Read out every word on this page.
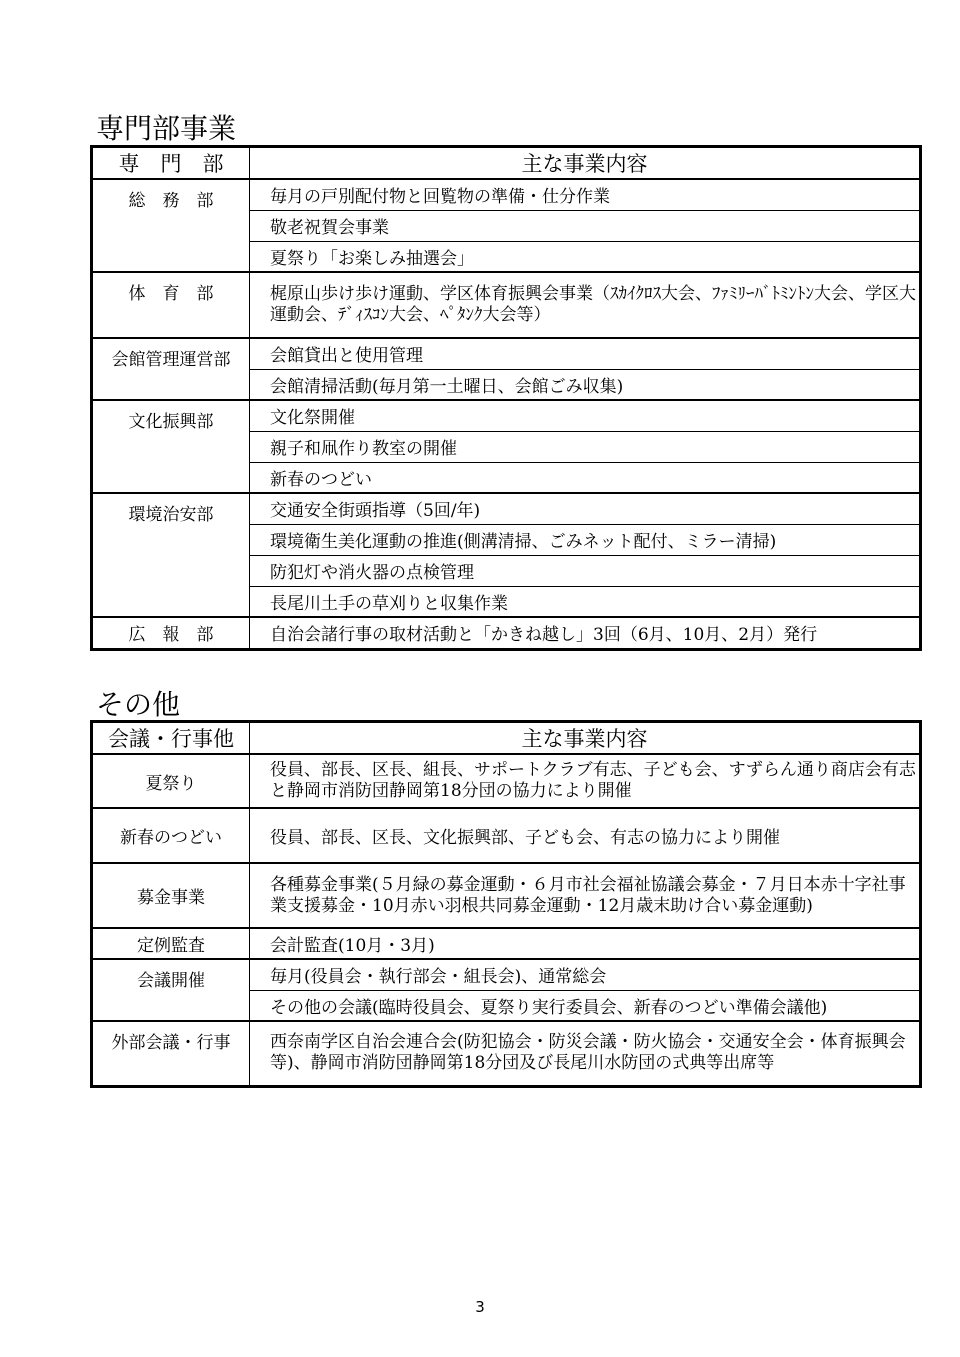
専門部事業
専　門　部	主な事業内容

総　務　部	毎月の戸別配付物と回覧物の準備・仕分作業
	敬老祝賀会事業
	夏祭り「お楽しみ抽選会」

体　育　部	梶原山歩け歩け運動、学区体育振興会事業（ｽｶｲｸﾛｽ大会、ﾌｧﾐﾘｰﾊﾞﾄﾐﾝﾄﾝ大会、学区大運動会、ﾃﾞｨｽｺﾝ大会、ﾍﾟﾀﾝｸ大会等）

会館管理運営部	会館貸出と使用管理
	会館清掃活動(毎月第一土曜日、会館ごみ収集)

文化振興部	文化祭開催
	親子和凧作り教室の開催
	新春のつどい

環境治安部	交通安全街頭指導（5回/年)
	環境衛生美化運動の推進(側溝清掃、ごみネット配付、ミラー清掃)
	防犯灯や消火器の点検管理
	長尾川土手の草刈りと収集作業
広　報　部	自治会諸行事の取材活動と「かきね越し」3回（6月、10月、2月）発行
その他
会議・行事他	主な事業内容
夏祭り	役員、部長、区長、組長、サポートクラブ有志、子ども会、すずらん通り商店会有志と静岡市消防団静岡第18分団の協力により開催
新春のつどい	役員、部長、区長、文化振興部、子ども会、有志の協力により開催
募金事業	各種募金事業(５月緑の募金運動・６月市社会福祉協議会募金・７月日本赤十字社事業支援募金・10月赤い羽根共同募金運動・12月歳末助け合い募金運動)
定例監査	会計監査(10月・3月)

会議開催	毎月(役員会・執行部会・組長会)、通常総会
	その他の会議(臨時役員会、夏祭り実行委員会、新春のつどい準備会議他)

外部会議・行事	西奈南学区自治会連合会(防犯協会・防災会議・防火協会・交通安全会・体育振興会等)、静岡市消防団静岡第18分団及び長尾川水防団の式典等出席等
3
